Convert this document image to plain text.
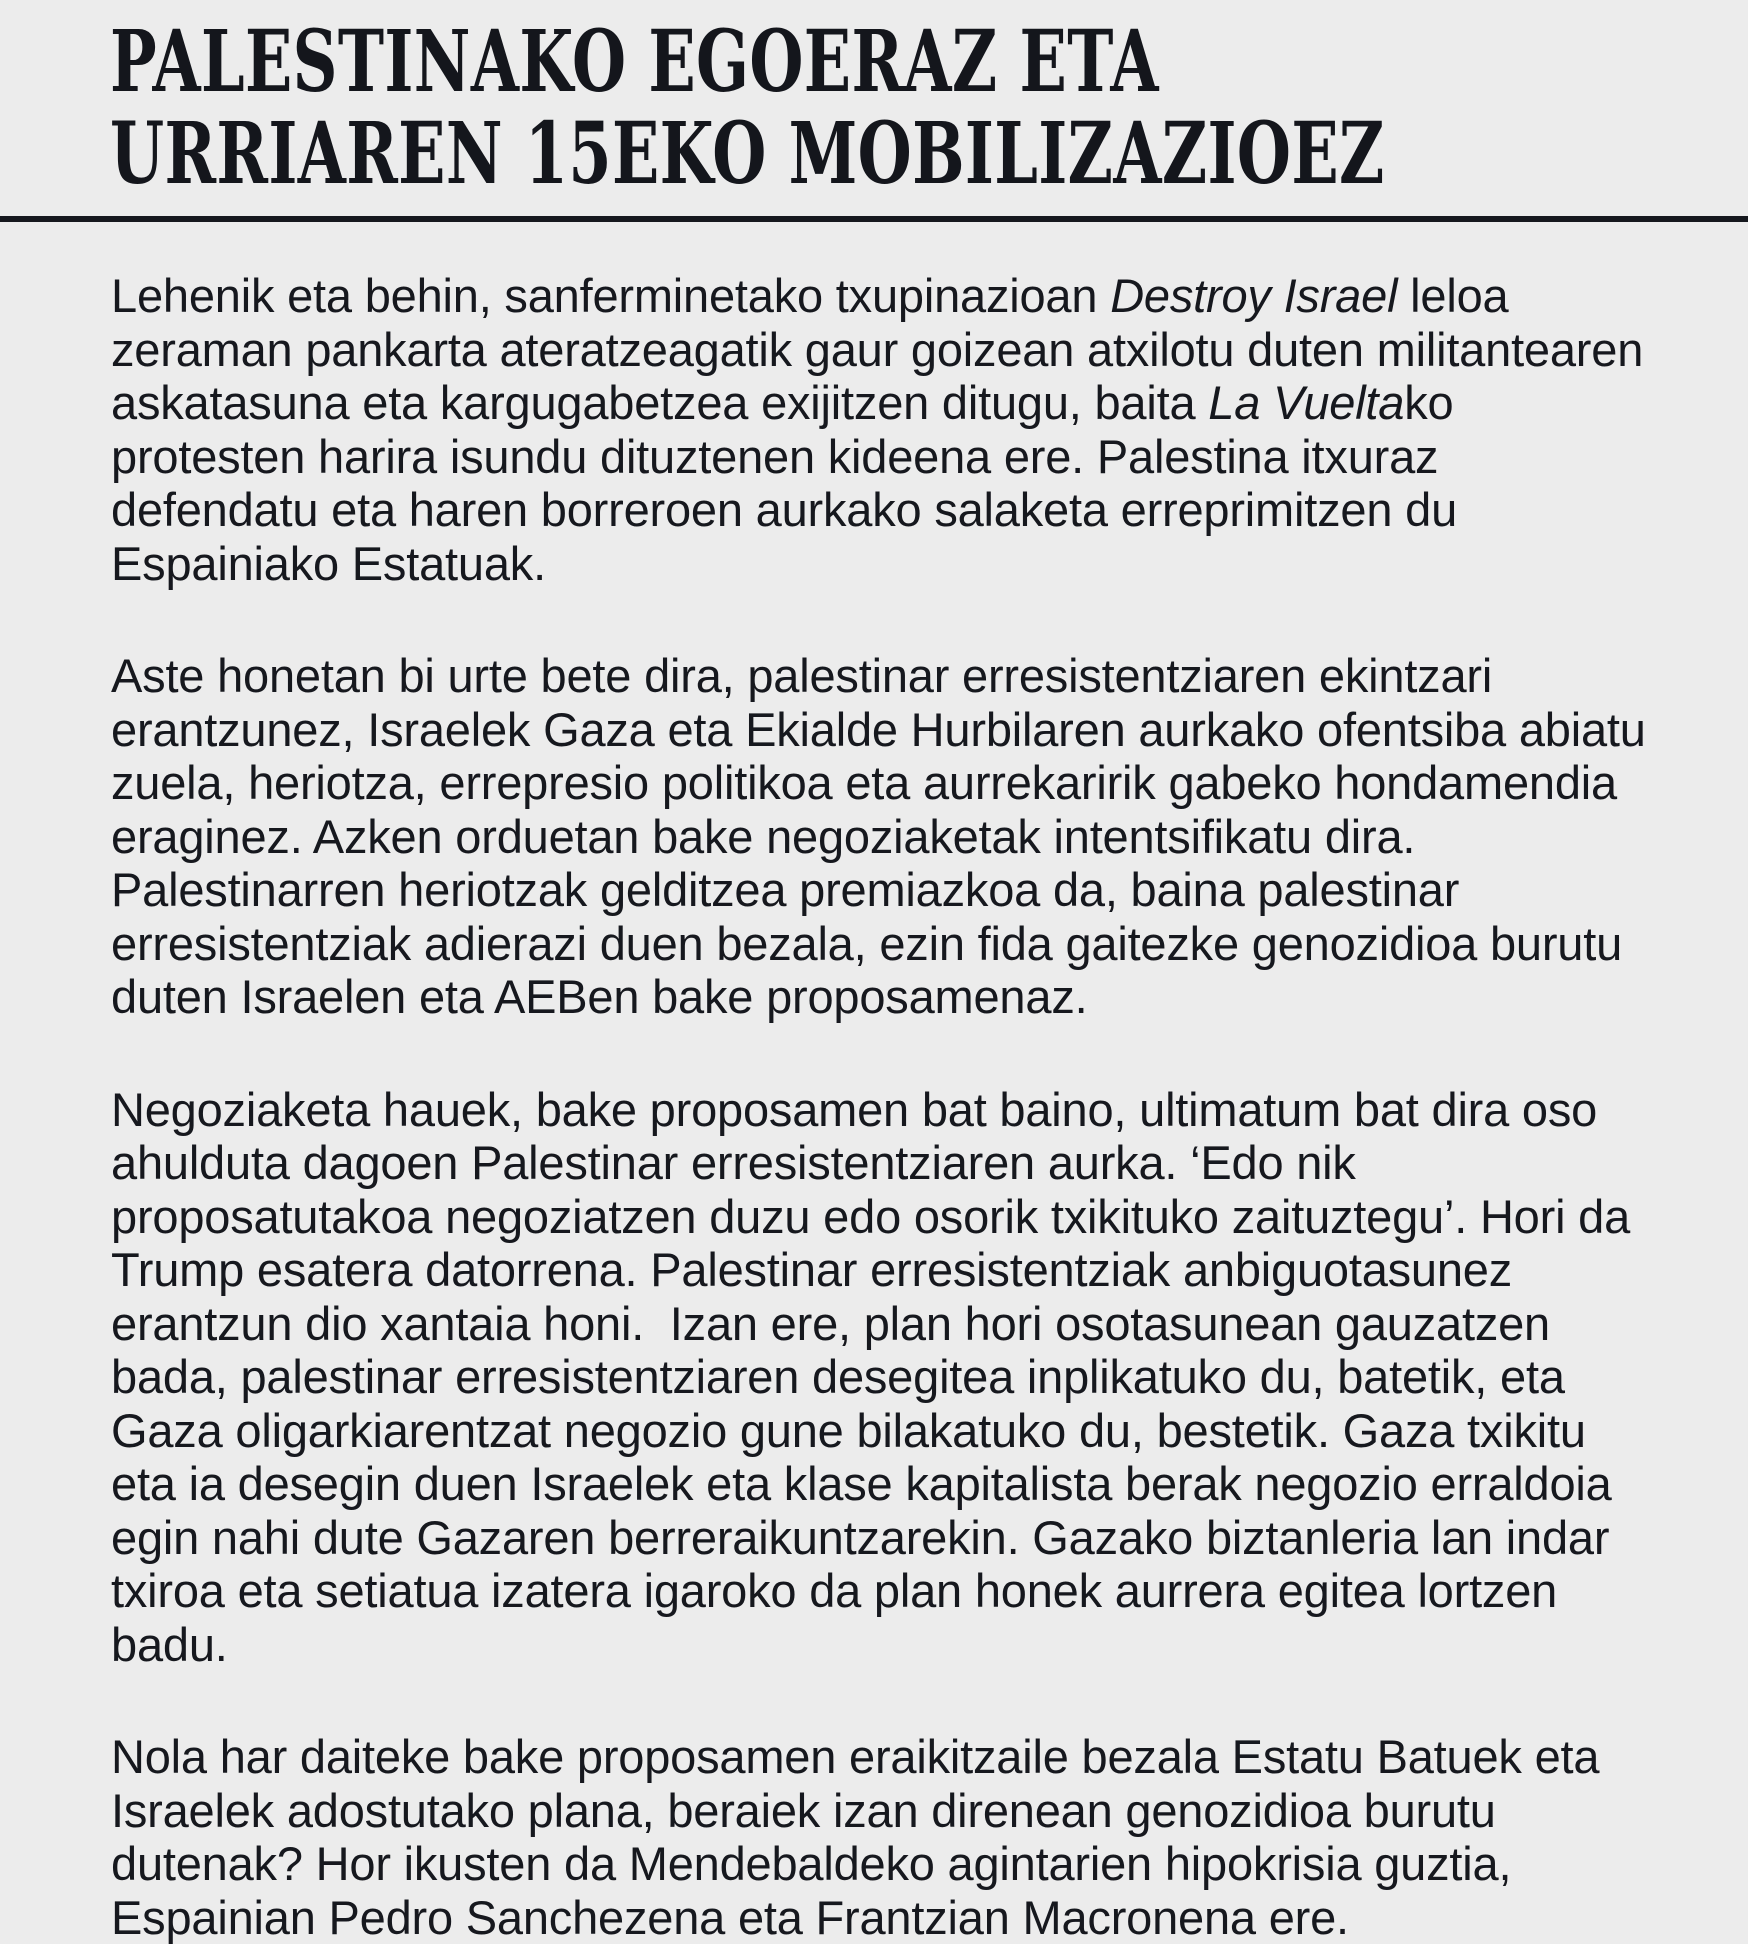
PALESTINAKO EGOERAZ ETA
URRIAREN 15EKO MOBILIZAZIOEZ

Lehenik eta behin, sanferminetako txupinazioan Destroy Israel leloa zeraman pankarta ateratzeagatik gaur goizean atxilotu duten militantearen askatasuna eta kargugabetzea exijitzen ditugu, baita La Vueltako protesten harira isundu dituztenen kideena ere. Palestina itxuraz defendatu eta haren borreroen aurkako salaketa erreprimitzen du Espainiako Estatuak.

Aste honetan bi urte bete dira, palestinar erresistentziaren ekintzari erantzunez, Israelek Gaza eta Ekialde Hurbilaren aurkako ofentsiba abiatu zuela, heriotza, errepresio politikoa eta aurrekaririk gabeko hondamendia eraginez. Azken orduetan bake negoziaketak intentsifikatu dira. Palestinarren heriotzak gelditzea premiazkoa da, baina palestinar erresistentziak adierazi duen bezala, ezin fida gaitezke genozidioa burutu duten Israelen eta AEBen bake proposamenaz.

Negoziaketa hauek, bake proposamen bat baino, ultimatum bat dira oso ahulduta dagoen Palestinar erresistentziaren aurka. ‘Edo nik proposatutakoa negoziatzen duzu edo osorik txikituko zaituztegu’. Hori da Trump esatera datorrena. Palestinar erresistentziak anbiguotasunez erantzun dio xantaia honi.  Izan ere, plan hori osotasunean gauzatzen bada, palestinar erresistentziaren desegitea inplikatuko du, batetik, eta Gaza oligarkiarentzat negozio gune bilakatuko du, bestetik. Gaza txikitu eta ia desegin duen Israelek eta klase kapitalista berak negozio erraldoia egin nahi dute Gazaren berreraikuntzarekin. Gazako biztanleria lan indar txiroa eta setiatua izatera igaroko da plan honek aurrera egitea lortzen badu.

Nola har daiteke bake proposamen eraikitzaile bezala Estatu Batuek eta Israelek adostutako plana, beraiek izan direnean genozidioa burutu dutenak? Hor ikusten da Mendebaldeko agintarien hipokrisia guztia, Espainian Pedro Sanchezena eta Frantzian Macronena ere.
